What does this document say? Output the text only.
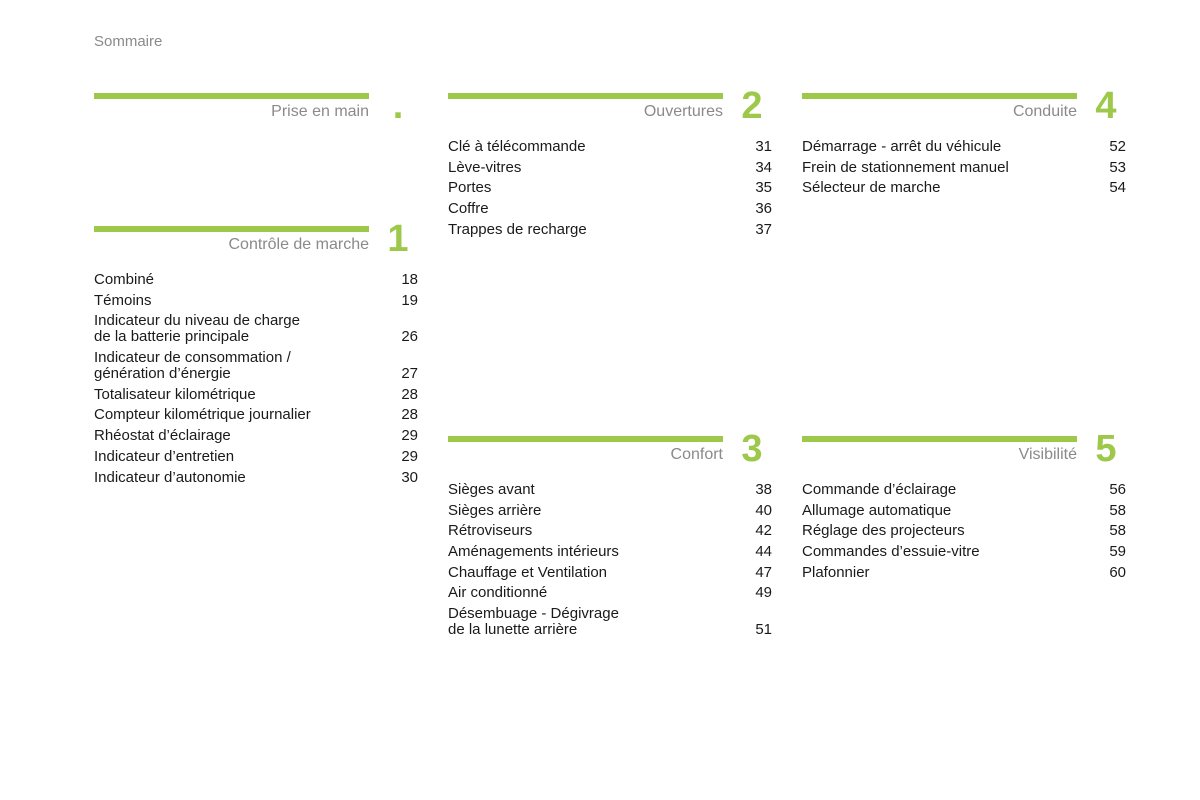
Sommaire
Prise en main .
Contrôle de marche 1
Combiné	18
Témoins	19
Indicateur du niveau de charge
de la batterie principale	26
Indicateur de consommation /
génération d’énergie	27
Totalisateur kilométrique	28
Compteur kilométrique journalier	28
Rhéostat d’éclairage	29
Indicateur d’entretien	29
Indicateur d’autonomie	30
Ouvertures 2
Clé à télécommande	31
Lève-vitres	34
Portes	35
Coffre	36
Trappes de recharge	37
Confort 3
Sièges avant	38
Sièges arrière	40
Rétroviseurs	42
Aménagements intérieurs	44
Chauffage et Ventilation	47
Air conditionné	49
Désembuage - Dégivrage
de la lunette arrière	51
Conduite 4
Démarrage - arrêt du véhicule	52
Frein de stationnement manuel	53
Sélecteur de marche	54
Visibilité 5
Commande d’éclairage	56
Allumage automatique	58
Réglage des projecteurs	58
Commandes d’essuie-vitre	59
Plafonnier	60
